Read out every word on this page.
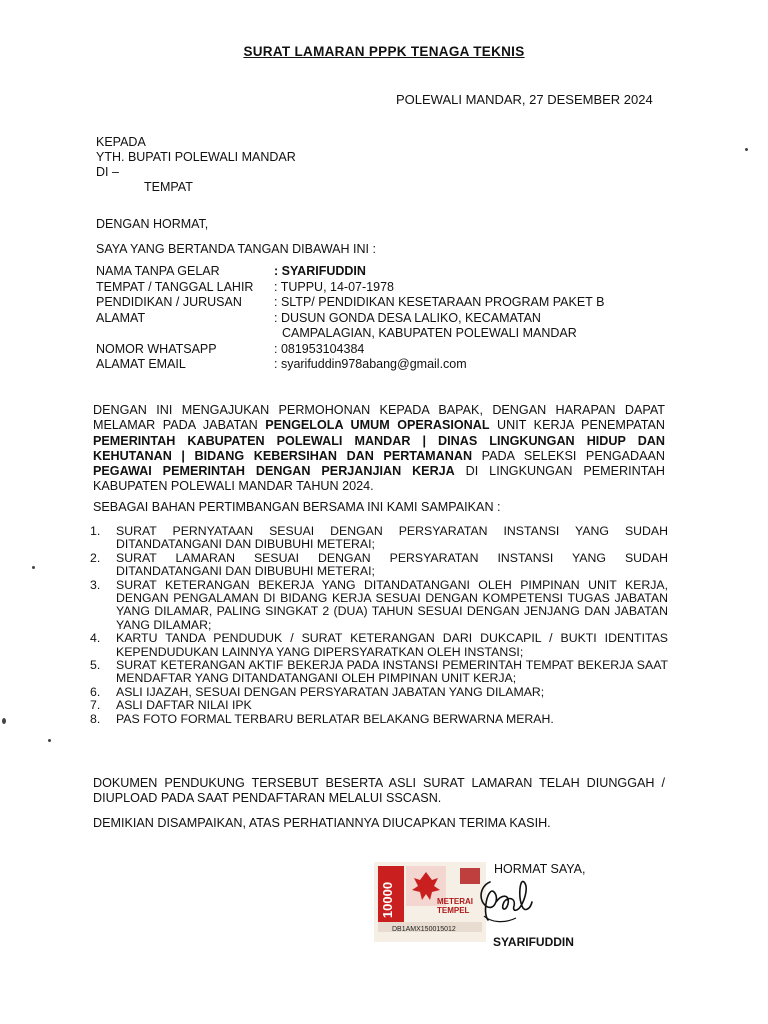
SURAT LAMARAN PPPK TENAGA TEKNIS
POLEWALI MANDAR, 27 DESEMBER 2024
KEPADA
YTH. BUPATI POLEWALI MANDAR
DI –
TEMPAT
DENGAN HORMAT,
SAYA YANG BERTANDA TANGAN DIBAWAH INI :
NAMA TANPA GELAR	: SYARIFUDDIN
TEMPAT / TANGGAL LAHIR	: TUPPU, 14-07-1978
PENDIDIKAN / JURUSAN	: SLTP/ PENDIDIKAN KESETARAAN PROGRAM PAKET B
ALAMAT	: DUSUN GONDA DESA LALIKO, KECAMATAN
CAMPALAGIAN, KABUPATEN POLEWALI MANDAR
NOMOR WHATSAPP	: 081953104384
ALAMAT EMAIL	: syarifuddin978abang@gmail.com
DENGAN INI MENGAJUKAN PERMOHONAN KEPADA BAPAK, DENGAN HARAPAN DAPAT MELAMAR PADA JABATAN PENGELOLA UMUM OPERASIONAL UNIT KERJA PENEMPATAN PEMERINTAH KABUPATEN POLEWALI MANDAR | DINAS LINGKUNGAN HIDUP DAN KEHUTANAN | BIDANG KEBERSIHAN DAN PERTAMANAN PADA SELEKSI PENGADAAN PEGAWAI PEMERINTAH DENGAN PERJANJIAN KERJA DI LINGKUNGAN PEMERINTAH KABUPATEN POLEWALI MANDAR TAHUN 2024.
SEBAGAI BAHAN PERTIMBANGAN BERSAMA INI KAMI SAMPAIKAN :
1.	SURAT PERNYATAAN SESUAI DENGAN PERSYARATAN INSTANSI YANG SUDAH DITANDATANGANI DAN DIBUBUHI METERAI;
2.	SURAT LAMARAN SESUAI DENGAN PERSYARATAN INSTANSI YANG SUDAH DITANDATANGANI DAN DIBUBUHI METERAI;
3.	SURAT KETERANGAN BEKERJA YANG DITANDATANGANI OLEH PIMPINAN UNIT KERJA, DENGAN PENGALAMAN DI BIDANG KERJA SESUAI DENGAN KOMPETENSI TUGAS JABATAN YANG DILAMAR, PALING SINGKAT 2 (DUA) TAHUN SESUAI DENGAN JENJANG DAN JABATAN YANG DILAMAR;
4.	KARTU TANDA PENDUDUK / SURAT KETERANGAN DARI DUKCAPIL / BUKTI IDENTITAS KEPENDUDUKAN LAINNYA YANG DIPERSYARATKAN OLEH INSTANSI;
5.	SURAT KETERANGAN AKTIF BEKERJA PADA INSTANSI PEMERINTAH TEMPAT BEKERJA SAAT MENDAFTAR YANG DITANDATANGANI OLEH PIMPINAN UNIT KERJA;
6.	ASLI IJAZAH, SESUAI DENGAN PERSYARATAN JABATAN YANG DILAMAR;
7.	ASLI DAFTAR NILAI IPK
8.	PAS FOTO FORMAL TERBARU BERLATAR BELAKANG BERWARNA MERAH.
DOKUMEN PENDUKUNG TERSEBUT BESERTA ASLI SURAT LAMARAN TELAH DIUNGGAH / DIUPLOAD PADA SAAT PENDAFTARAN MELALUI SSCASN.
DEMIKIAN DISAMPAIKAN, ATAS PERHATIANNYA DIUCAPKAN TERIMA KASIH.
10000	METERAI
TEMPEL
DB1AMX150015012
HORMAT SAYA,
SYARIFUDDIN
